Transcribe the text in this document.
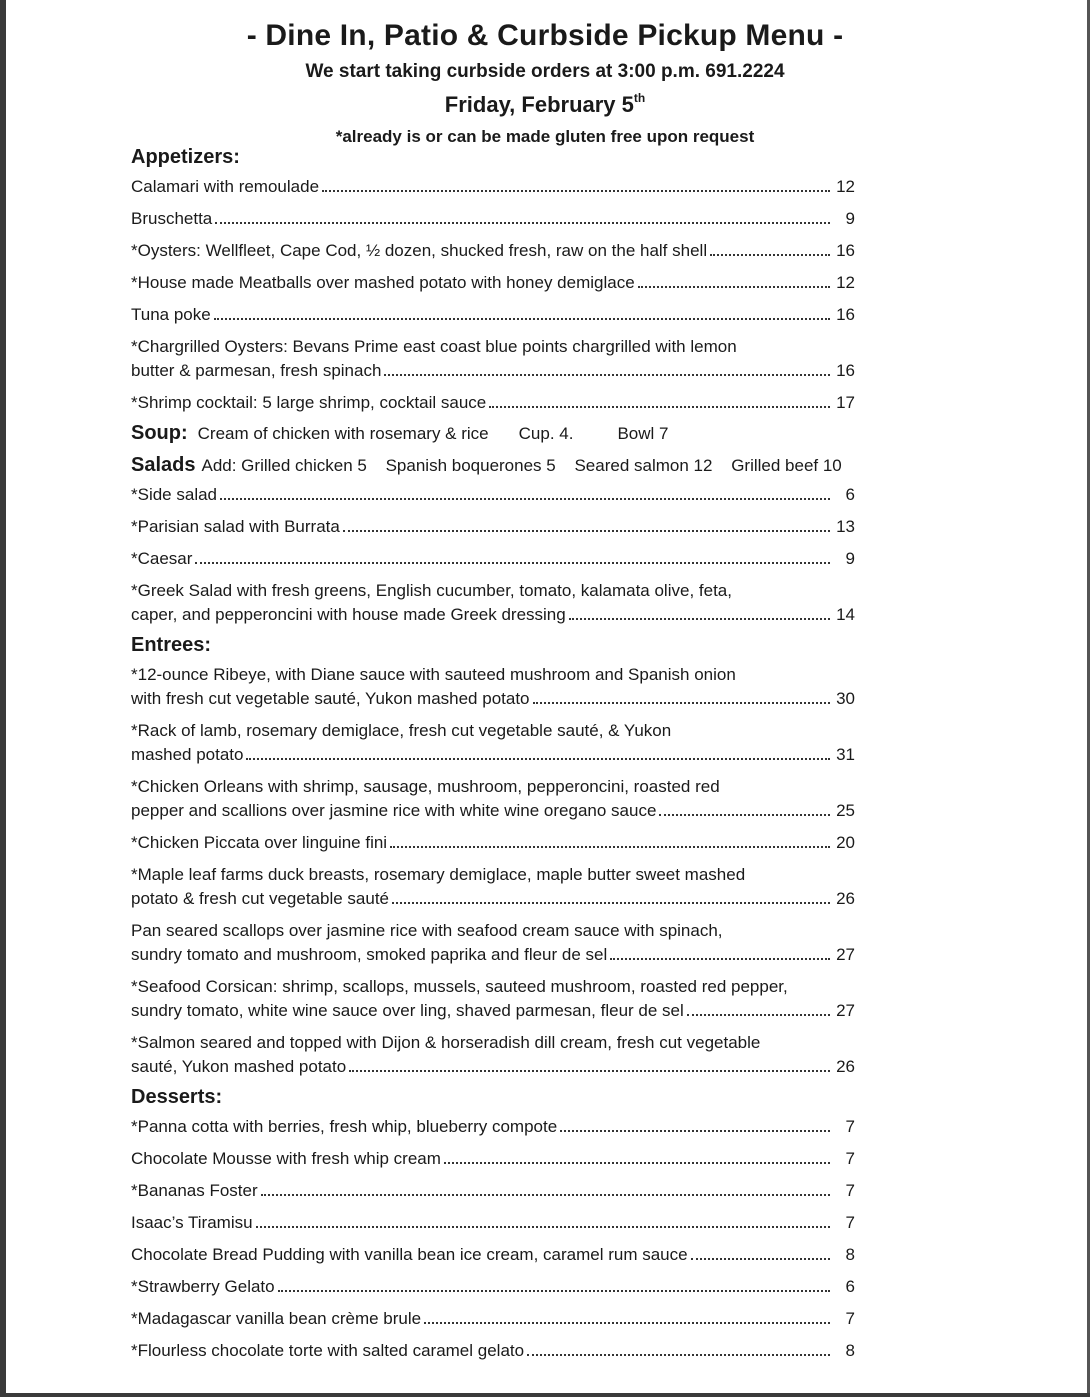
- Dine In, Patio & Curbside Pickup Menu -
We start taking curbside orders at 3:00 p.m. 691.2224
Friday, February 5th
*already is or can be made gluten free upon request
Appetizers:
Calamari with remoulade	12
Bruschetta	9
*Oysters: Wellfleet, Cape Cod, ½ dozen, shucked fresh, raw on the half shell	16
*House made Meatballs over mashed potato with honey demiglace	12
Tuna poke	16
*Chargrilled Oysters: Bevans Prime east coast blue points chargrilled with lemon
butter & parmesan, fresh spinach	16
*Shrimp cocktail: 5 large shrimp, cocktail sauce	17
Soup: Cream of chicken with rosemary & rice Cup. 4.	Bowl 7
Salads Add: Grilled chicken 5 Spanish boquerones 5 Seared salmon 12 Grilled beef 10
*Side salad	6
*Parisian salad with Burrata	13
*Caesar	9
*Greek Salad with fresh greens, English cucumber, tomato, kalamata olive, feta,
caper, and pepperoncini with house made Greek dressing	14
Entrees:
*12-ounce Ribeye, with Diane sauce with sauteed mushroom and Spanish onion
with fresh cut vegetable sauté, Yukon mashed potato	30
*Rack of lamb, rosemary demiglace, fresh cut vegetable sauté, & Yukon
mashed potato	31
*Chicken Orleans with shrimp, sausage, mushroom, pepperoncini, roasted red
pepper and scallions over jasmine rice with white wine oregano sauce	25
*Chicken Piccata over linguine fini	20
*Maple leaf farms duck breasts, rosemary demiglace, maple butter sweet mashed
potato & fresh cut vegetable sauté	26
Pan seared scallops over jasmine rice with seafood cream sauce with spinach,
sundry tomato and mushroom, smoked paprika and fleur de sel	27
*Seafood Corsican: shrimp, scallops, mussels, sauteed mushroom, roasted red pepper,
sundry tomato, white wine sauce over ling, shaved parmesan, fleur de sel	27
*Salmon seared and topped with Dijon & horseradish dill cream, fresh cut vegetable
sauté, Yukon mashed potato	26
Desserts:
*Panna cotta with berries, fresh whip, blueberry compote	7
Chocolate Mousse with fresh whip cream	7
*Bananas Foster	7
Isaac’s Tiramisu	7
Chocolate Bread Pudding with vanilla bean ice cream, caramel rum sauce	8
*Strawberry Gelato	6
*Madagascar vanilla bean crème brule	7
*Flourless chocolate torte with salted caramel gelato	8
